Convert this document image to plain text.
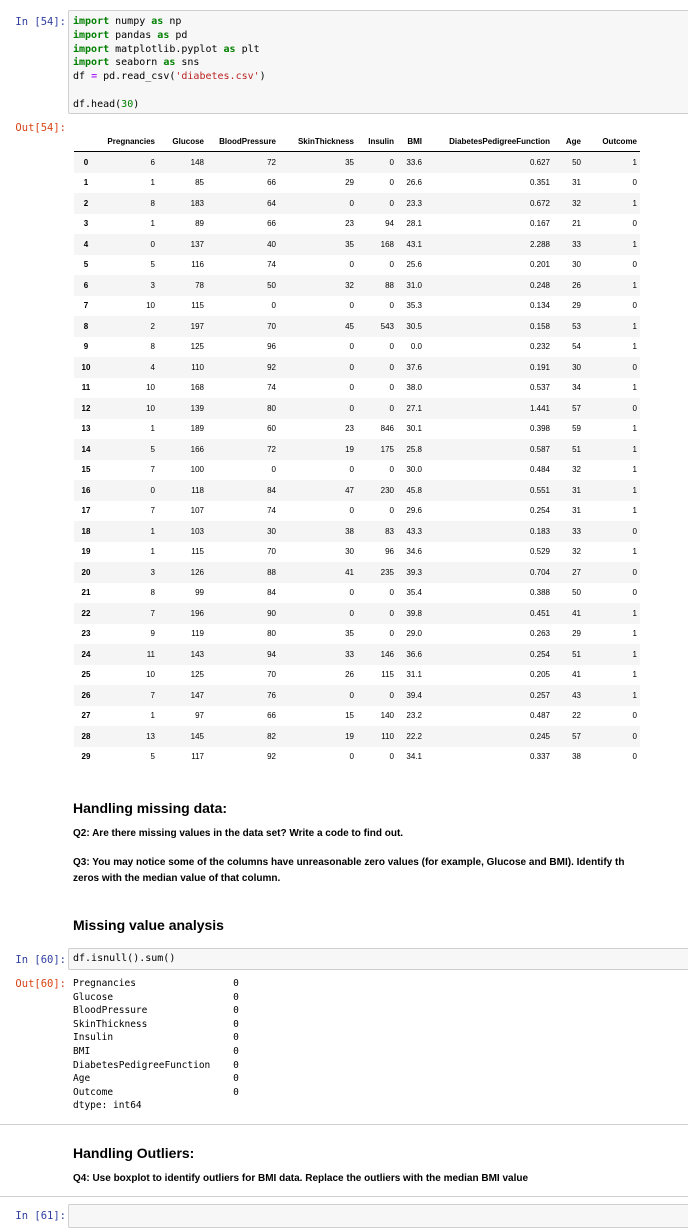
In [54]: import numpy as np
import pandas as pd
import matplotlib.pyplot as plt
import seaborn as sns
df = pd.read_csv('diabetes.csv')

df.head(30)
Out[54]:
	Pregnancies	Glucose	BloodPressure	SkinThickness	Insulin	BMI	DiabetesPedigreeFunction	Age	Outcome
0	6	148	72	35	0	33.6	0.627	50	1
1	1	85	66	29	0	26.6	0.351	31	0
2	8	183	64	0	0	23.3	0.672	32	1
3	1	89	66	23	94	28.1	0.167	21	0
4	0	137	40	35	168	43.1	2.288	33	1
5	5	116	74	0	0	25.6	0.201	30	0
6	3	78	50	32	88	31.0	0.248	26	1
7	10	115	0	0	0	35.3	0.134	29	0
8	2	197	70	45	543	30.5	0.158	53	1
9	8	125	96	0	0	0.0	0.232	54	1
10	4	110	92	0	0	37.6	0.191	30	0
11	10	168	74	0	0	38.0	0.537	34	1
12	10	139	80	0	0	27.1	1.441	57	0
13	1	189	60	23	846	30.1	0.398	59	1
14	5	166	72	19	175	25.8	0.587	51	1
15	7	100	0	0	0	30.0	0.484	32	1
16	0	118	84	47	230	45.8	0.551	31	1
17	7	107	74	0	0	29.6	0.254	31	1
18	1	103	30	38	83	43.3	0.183	33	0
19	1	115	70	30	96	34.6	0.529	32	1
20	3	126	88	41	235	39.3	0.704	27	0
21	8	99	84	0	0	35.4	0.388	50	0
22	7	196	90	0	0	39.8	0.451	41	1
23	9	119	80	35	0	29.0	0.263	29	1
24	11	143	94	33	146	36.6	0.254	51	1
25	10	125	70	26	115	31.1	0.205	41	1
26	7	147	76	0	0	39.4	0.257	43	1
27	1	97	66	15	140	23.2	0.487	22	0
28	13	145	82	19	110	22.2	0.245	57	0
29	5	117	92	0	0	34.1	0.337	38	0
Handling missing data:
Q2: Are there missing values in the data set? Write a code to find out.
Q3: You may notice some of the columns have unreasonable zero values (for example, Glucose and BMI). Identify th
zeros with the median value of that column.
Missing value analysis
In [60]: df.isnull().sum()
Out[60]: Pregnancies                 0
Glucose                     0
BloodPressure               0
SkinThickness               0
Insulin                     0
BMI                         0
DiabetesPedigreeFunction    0
Age                         0
Outcome                     0
dtype: int64
Handling Outliers:
Q4: Use boxplot to identify outliers for BMI data. Replace the outliers with the median BMI value
In [61]:
